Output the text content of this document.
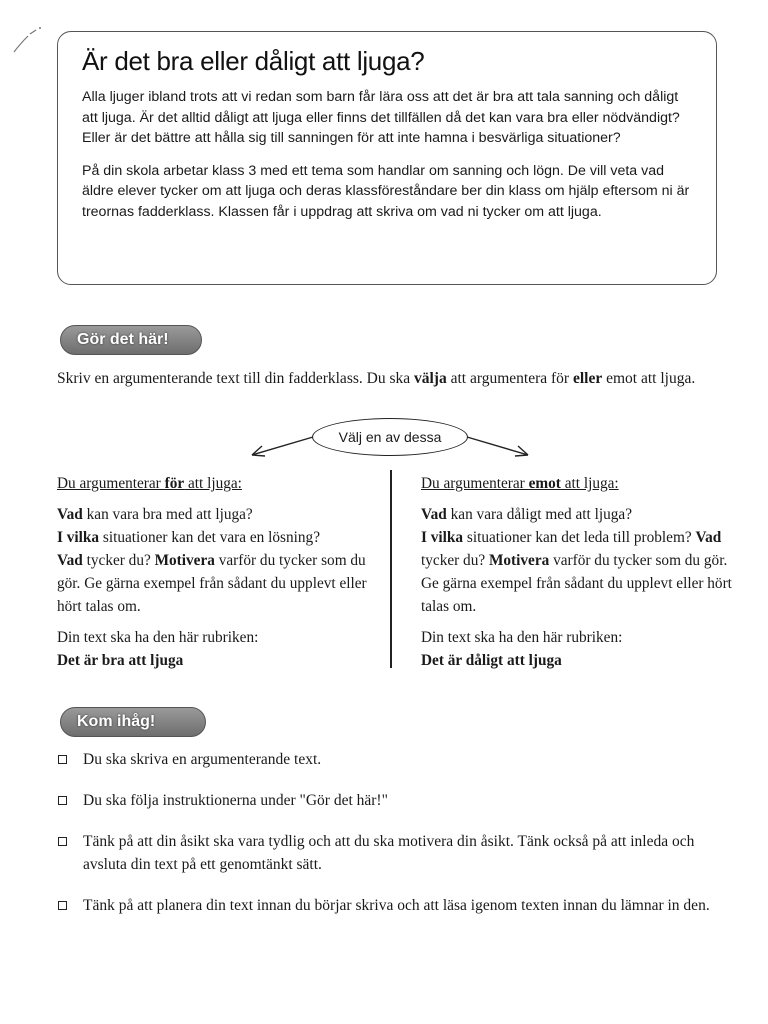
Är det bra eller dåligt att ljuga?

Alla ljuger ibland trots att vi redan som barn får lära oss att det är bra att tala sanning och dåligt att ljuga. Är det alltid dåligt att ljuga eller finns det tillfällen då det kan vara bra eller nödvändigt? Eller är det bättre att hålla sig till sanningen för att inte hamna i besvärliga situationer?

På din skola arbetar klass 3 med ett tema som handlar om sanning och lögn. De vill veta vad äldre elever tycker om att ljuga och deras klassföreståndare ber din klass om hjälp eftersom ni är treornas fadderklass. Klassen får i uppdrag att skriva om vad ni tycker om att ljuga.

Gör det här!

Skriv en argumenterande text till din fadderklass. Du ska välja att argumentera för eller emot att ljuga.

Välj en av dessa

Du argumenterar för att ljuga:

Vad kan vara bra med att ljuga?
I vilka situationer kan det vara en lösning?
Vad tycker du? Motivera varför du tycker som du gör. Ge gärna exempel från sådant du upplevt eller hört talas om.

Din text ska ha den här rubriken:

Det är bra att ljuga

Du argumenterar emot att ljuga:

Vad kan vara dåligt med att ljuga?
I vilka situationer kan det leda till problem? Vad tycker du? Motivera varför du tycker som du gör. Ge gärna exempel från sådant du upplevt eller hört talas om.

Din text ska ha den här rubriken:

Det är dåligt att ljuga

Kom ihåg!
Du ska skriva en argumenterande text.
Du ska följa instruktionerna under "Gör det här!"
Tänk på att din åsikt ska vara tydlig och att du ska motivera din åsikt. Tänk också på att inleda och avsluta din text på ett genomtänkt sätt.
Tänk på att planera din text innan du börjar skriva och att läsa igenom texten innan du lämnar in den.
